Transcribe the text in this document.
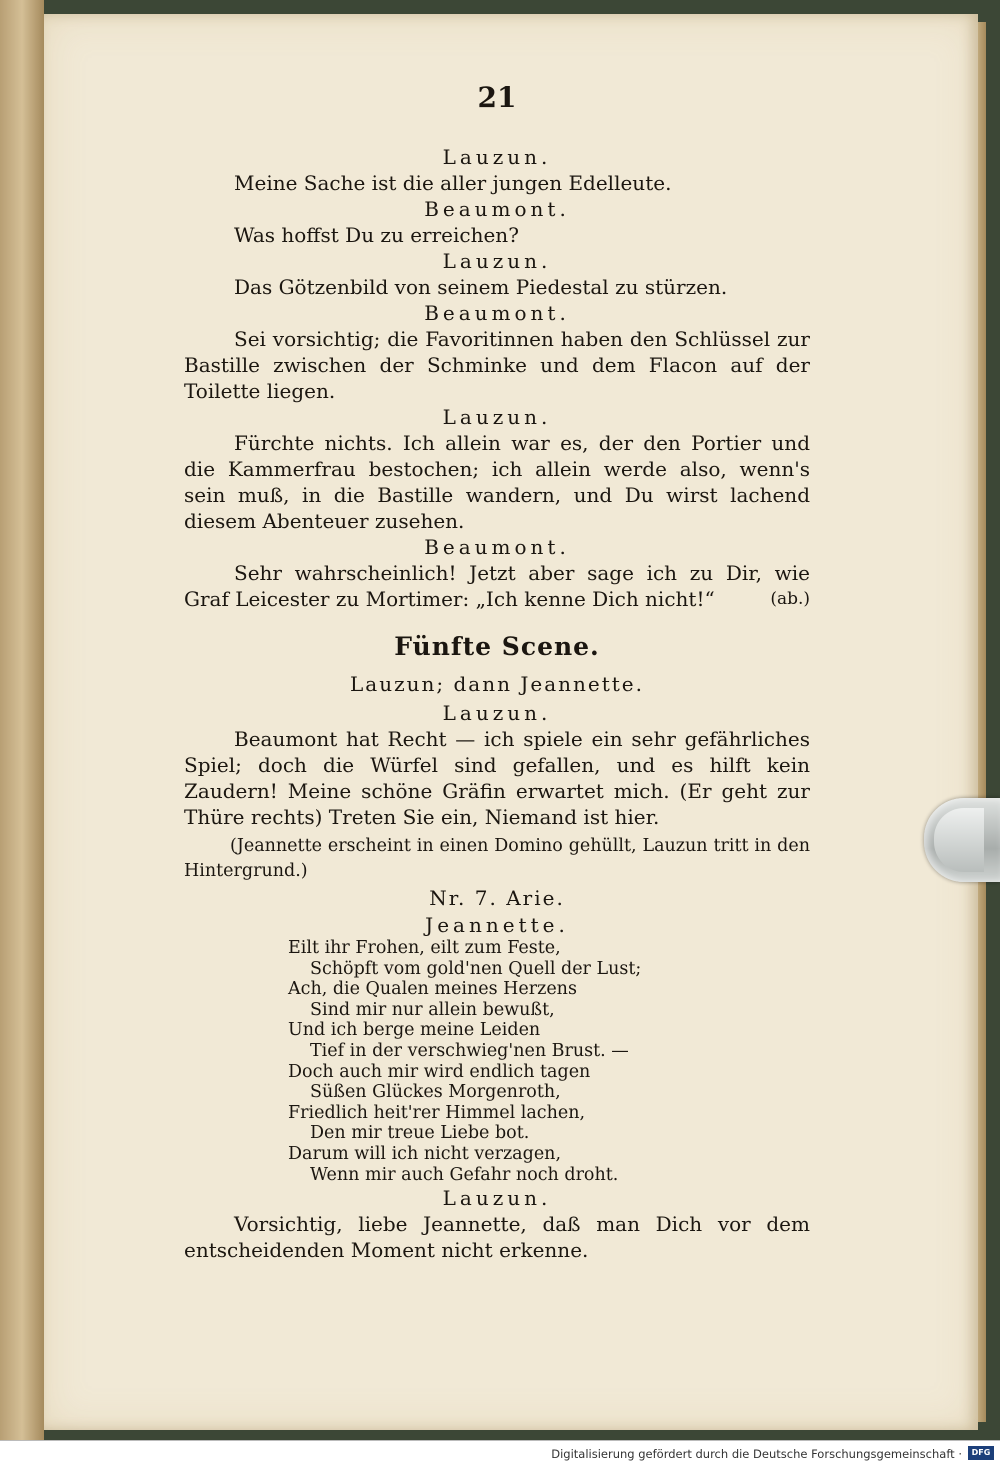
21
Lauzun.
Meine Sache ist die aller jungen Edelleute.
Beaumont.
Was hoffst Du zu erreichen?
Lauzun.
Das Götzenbild von seinem Piedestal zu stürzen.
Beaumont.
Sei vorsichtig; die Favoritinnen haben den Schlüssel zur Bastille zwischen der Schminke und dem Flacon auf der Toilette liegen.
Lauzun.
Fürchte nichts. Ich allein war es, der den Portier und die Kammerfrau bestochen; ich allein werde also, wenn's sein muß, in die Bastille wandern, und Du wirst lachend diesem Abenteuer zusehen.
Beaumont.
Sehr wahrscheinlich! Jetzt aber sage ich zu Dir, wie Graf Leicester zu Mortimer: „Ich kenne Dich nicht!“	(ab.)
Fünfte Scene.
Lauzun; dann Jeannette.
Lauzun.
Beaumont hat Recht — ich spiele ein sehr gefährliches Spiel; doch die Würfel sind gefallen, und es hilft kein Zaudern! Meine schöne Gräfin erwartet mich. (Er geht zur Thüre rechts) Treten Sie ein, Niemand ist hier.
(Jeannette erscheint in einen Domino gehüllt, Lauzun tritt in den Hintergrund.)
Nr. 7. Arie.
Jeannette.
Eilt ihr Frohen, eilt zum Feste,
Schöpft vom gold'nen Quell der Lust;
Ach, die Qualen meines Herzens
Sind mir nur allein bewußt,
Und ich berge meine Leiden
Tief in der verschwieg'nen Brust. —
Doch auch mir wird endlich tagen
Süßen Glückes Morgenroth,
Friedlich heit'rer Himmel lachen,
Den mir treue Liebe bot.
Darum will ich nicht verzagen,
Wenn mir auch Gefahr noch droht.
Lauzun.
Vorsichtig, liebe Jeannette, daß man Dich vor dem entscheidenden Moment nicht erkenne.
Digitalisierung gefördert durch die Deutsche Forschungsgemeinschaft ·	DFG
